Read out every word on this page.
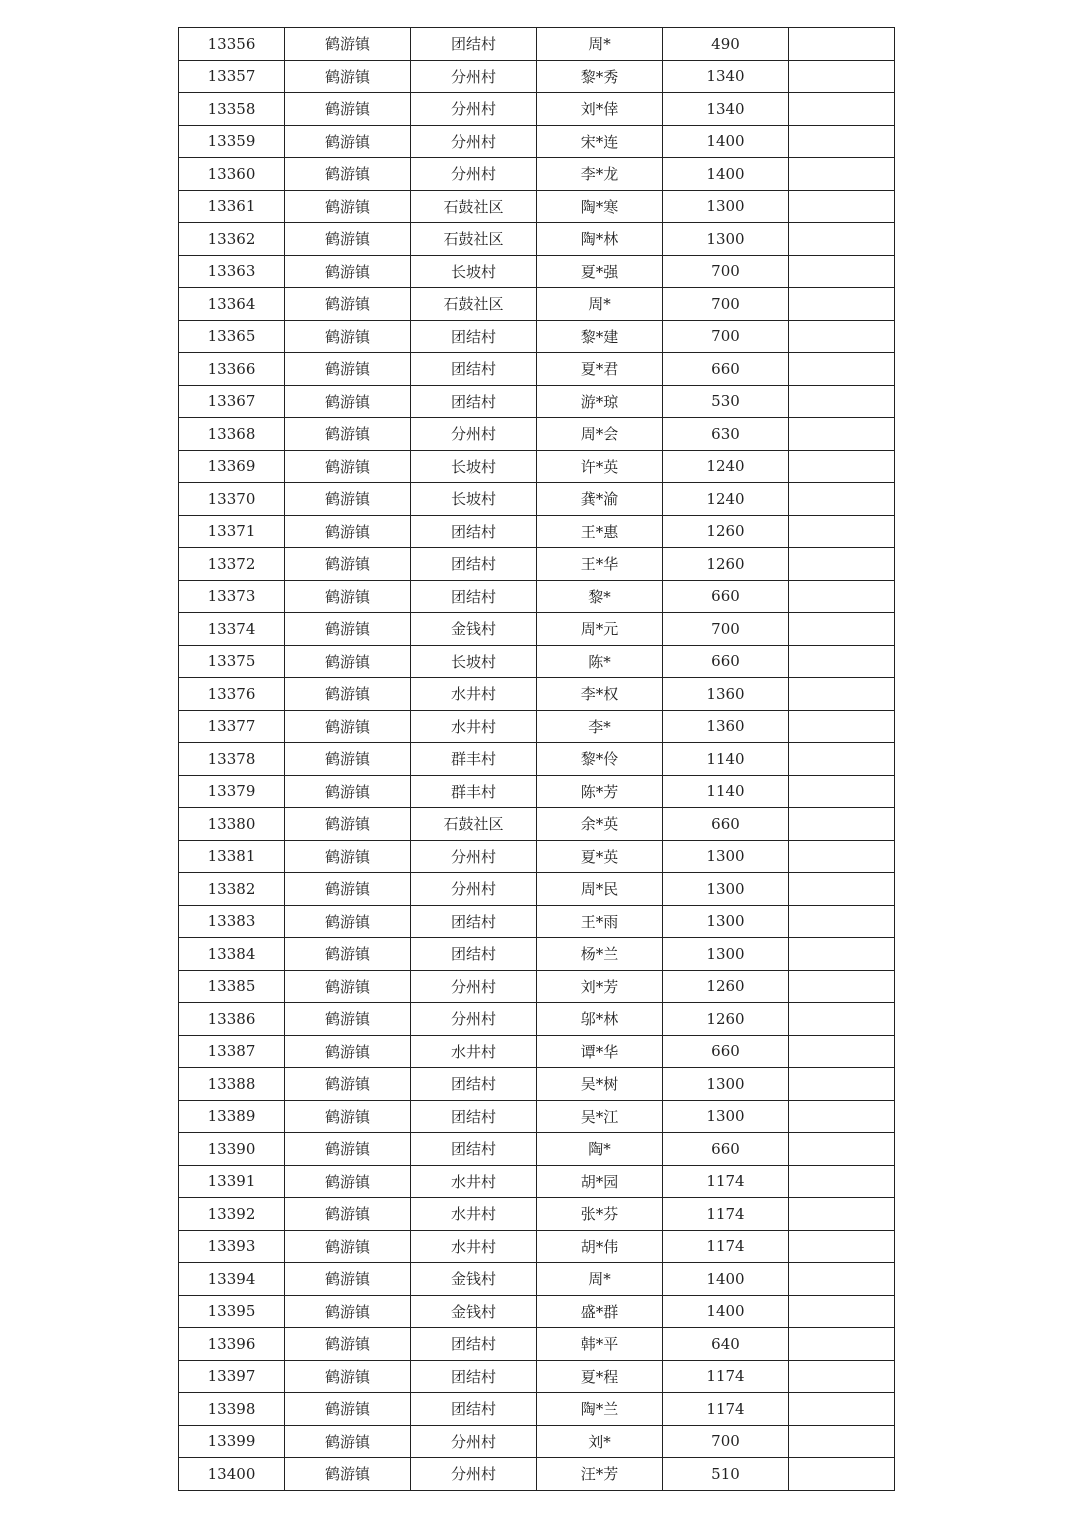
13356	鹤游镇	团结村	周*	490	
13357	鹤游镇	分州村	黎*秀	1340	
13358	鹤游镇	分州村	刘*倖	1340	
13359	鹤游镇	分州村	宋*连	1400	
13360	鹤游镇	分州村	李*龙	1400	
13361	鹤游镇	石鼓社区	陶*寒	1300	
13362	鹤游镇	石鼓社区	陶*林	1300	
13363	鹤游镇	长坡村	夏*强	700	
13364	鹤游镇	石鼓社区	周*	700	
13365	鹤游镇	团结村	黎*建	700	
13366	鹤游镇	团结村	夏*君	660	
13367	鹤游镇	团结村	游*琼	530	
13368	鹤游镇	分州村	周*会	630	
13369	鹤游镇	长坡村	许*英	1240	
13370	鹤游镇	长坡村	龚*渝	1240	
13371	鹤游镇	团结村	王*惠	1260	
13372	鹤游镇	团结村	王*华	1260	
13373	鹤游镇	团结村	黎*	660	
13374	鹤游镇	金钱村	周*元	700	
13375	鹤游镇	长坡村	陈*	660	
13376	鹤游镇	水井村	李*权	1360	
13377	鹤游镇	水井村	李*	1360	
13378	鹤游镇	群丰村	黎*伶	1140	
13379	鹤游镇	群丰村	陈*芳	1140	
13380	鹤游镇	石鼓社区	余*英	660	
13381	鹤游镇	分州村	夏*英	1300	
13382	鹤游镇	分州村	周*民	1300	
13383	鹤游镇	团结村	王*雨	1300	
13384	鹤游镇	团结村	杨*兰	1300	
13385	鹤游镇	分州村	刘*芳	1260	
13386	鹤游镇	分州村	邬*林	1260	
13387	鹤游镇	水井村	谭*华	660	
13388	鹤游镇	团结村	吴*树	1300	
13389	鹤游镇	团结村	吴*江	1300	
13390	鹤游镇	团结村	陶*	660	
13391	鹤游镇	水井村	胡*园	1174	
13392	鹤游镇	水井村	张*芬	1174	
13393	鹤游镇	水井村	胡*伟	1174	
13394	鹤游镇	金钱村	周*	1400	
13395	鹤游镇	金钱村	盛*群	1400	
13396	鹤游镇	团结村	韩*平	640	
13397	鹤游镇	团结村	夏*程	1174	
13398	鹤游镇	团结村	陶*兰	1174	
13399	鹤游镇	分州村	刘*	700	
13400	鹤游镇	分州村	汪*芳	510	
